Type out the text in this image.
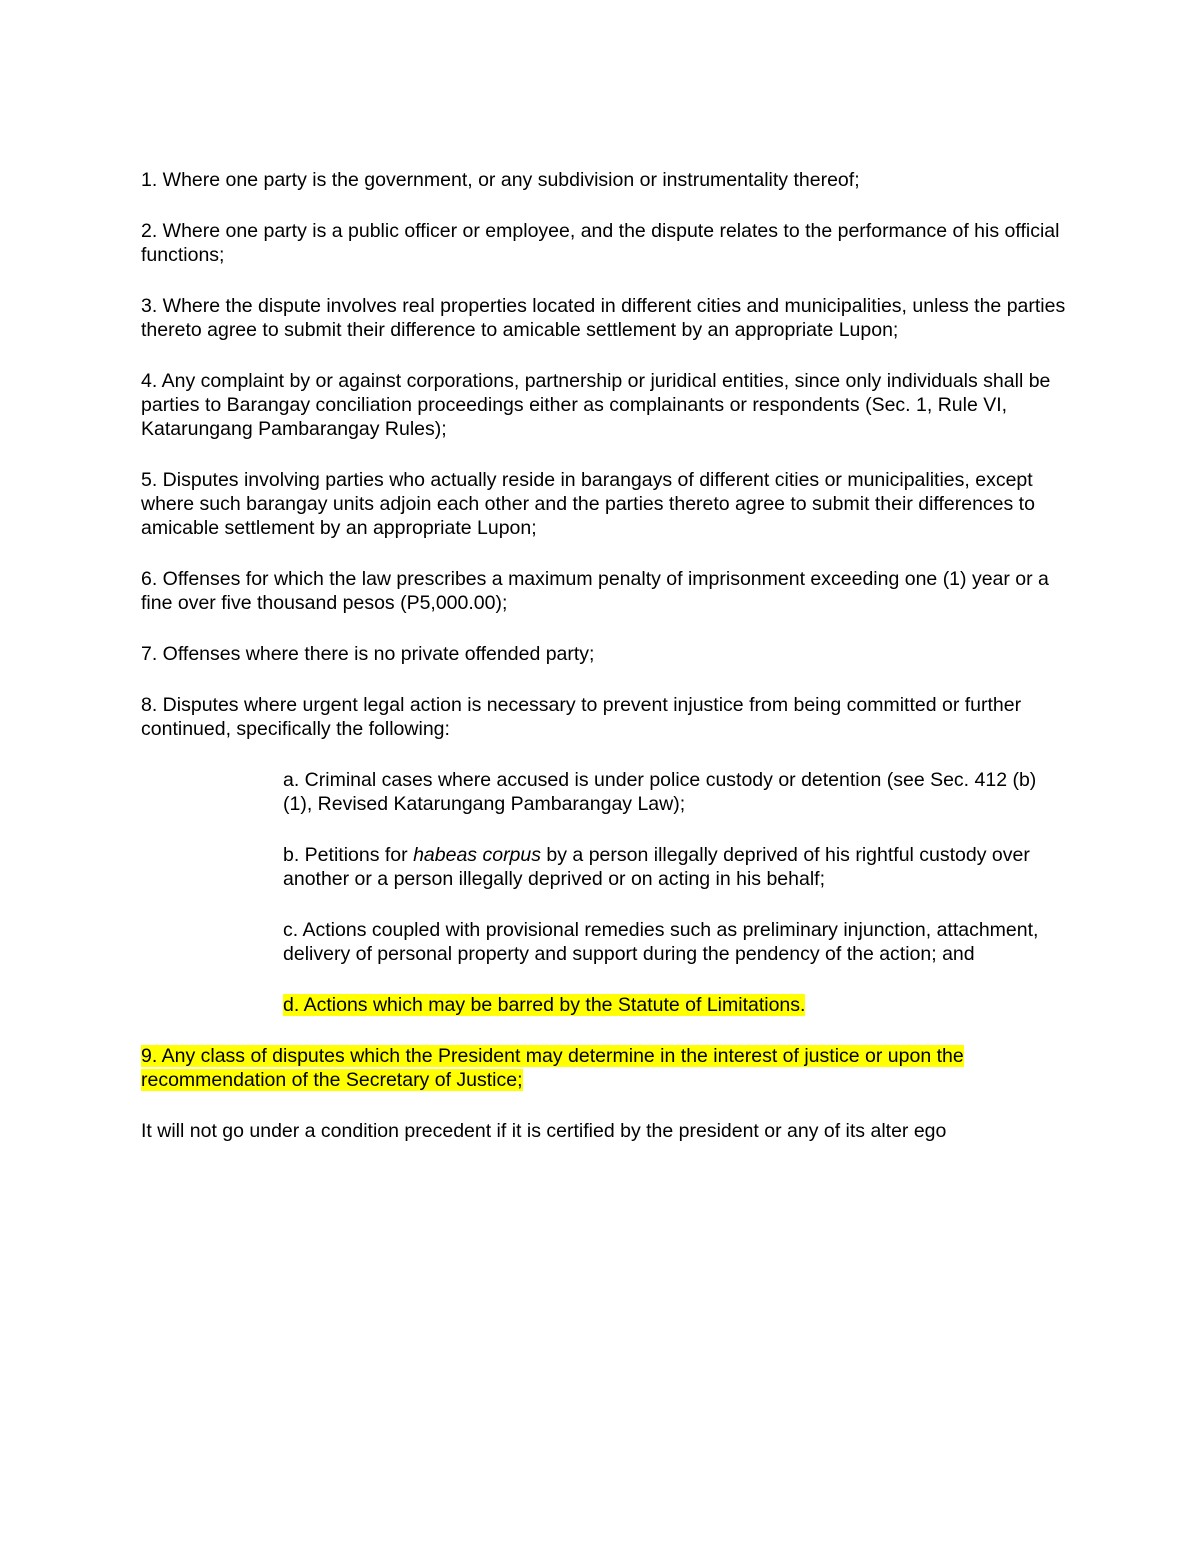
1. Where one party is the government, or any subdivision or instrumentality thereof;

2. Where one party is a public officer or employee, and the dispute relates to the performance of his official functions;

3. Where the dispute involves real properties located in different cities and municipalities, unless the parties thereto agree to submit their difference to amicable settlement by an appropriate Lupon;

4. Any complaint by or against corporations, partnership or juridical entities, since only individuals shall be parties to Barangay conciliation proceedings either as complainants or respondents (Sec. 1, Rule VI, Katarungang Pambarangay Rules);

5. Disputes involving parties who actually reside in barangays of different cities or municipalities, except where such barangay units adjoin each other and the parties thereto agree to submit their differences to amicable settlement by an appropriate Lupon;

6. Offenses for which the law prescribes a maximum penalty of imprisonment exceeding one (1) year or a fine over five thousand pesos (P5,000.00);

7. Offenses where there is no private offended party;

8. Disputes where urgent legal action is necessary to prevent injustice from being committed or further continued, specifically the following:

a. Criminal cases where accused is under police custody or detention (see Sec. 412 (b) (1), Revised Katarungang Pambarangay Law);

b. Petitions for habeas corpus by a person illegally deprived of his rightful custody over another or a person illegally deprived or on acting in his behalf;

c. Actions coupled with provisional remedies such as preliminary injunction, attachment, delivery of personal property and support during the pendency of the action; and

d. Actions which may be barred by the Statute of Limitations.

9. Any class of disputes which the President may determine in the interest of justice or upon the recommendation of the Secretary of Justice;

It will not go under a condition precedent if it is certified by the president or any of its alter ego
